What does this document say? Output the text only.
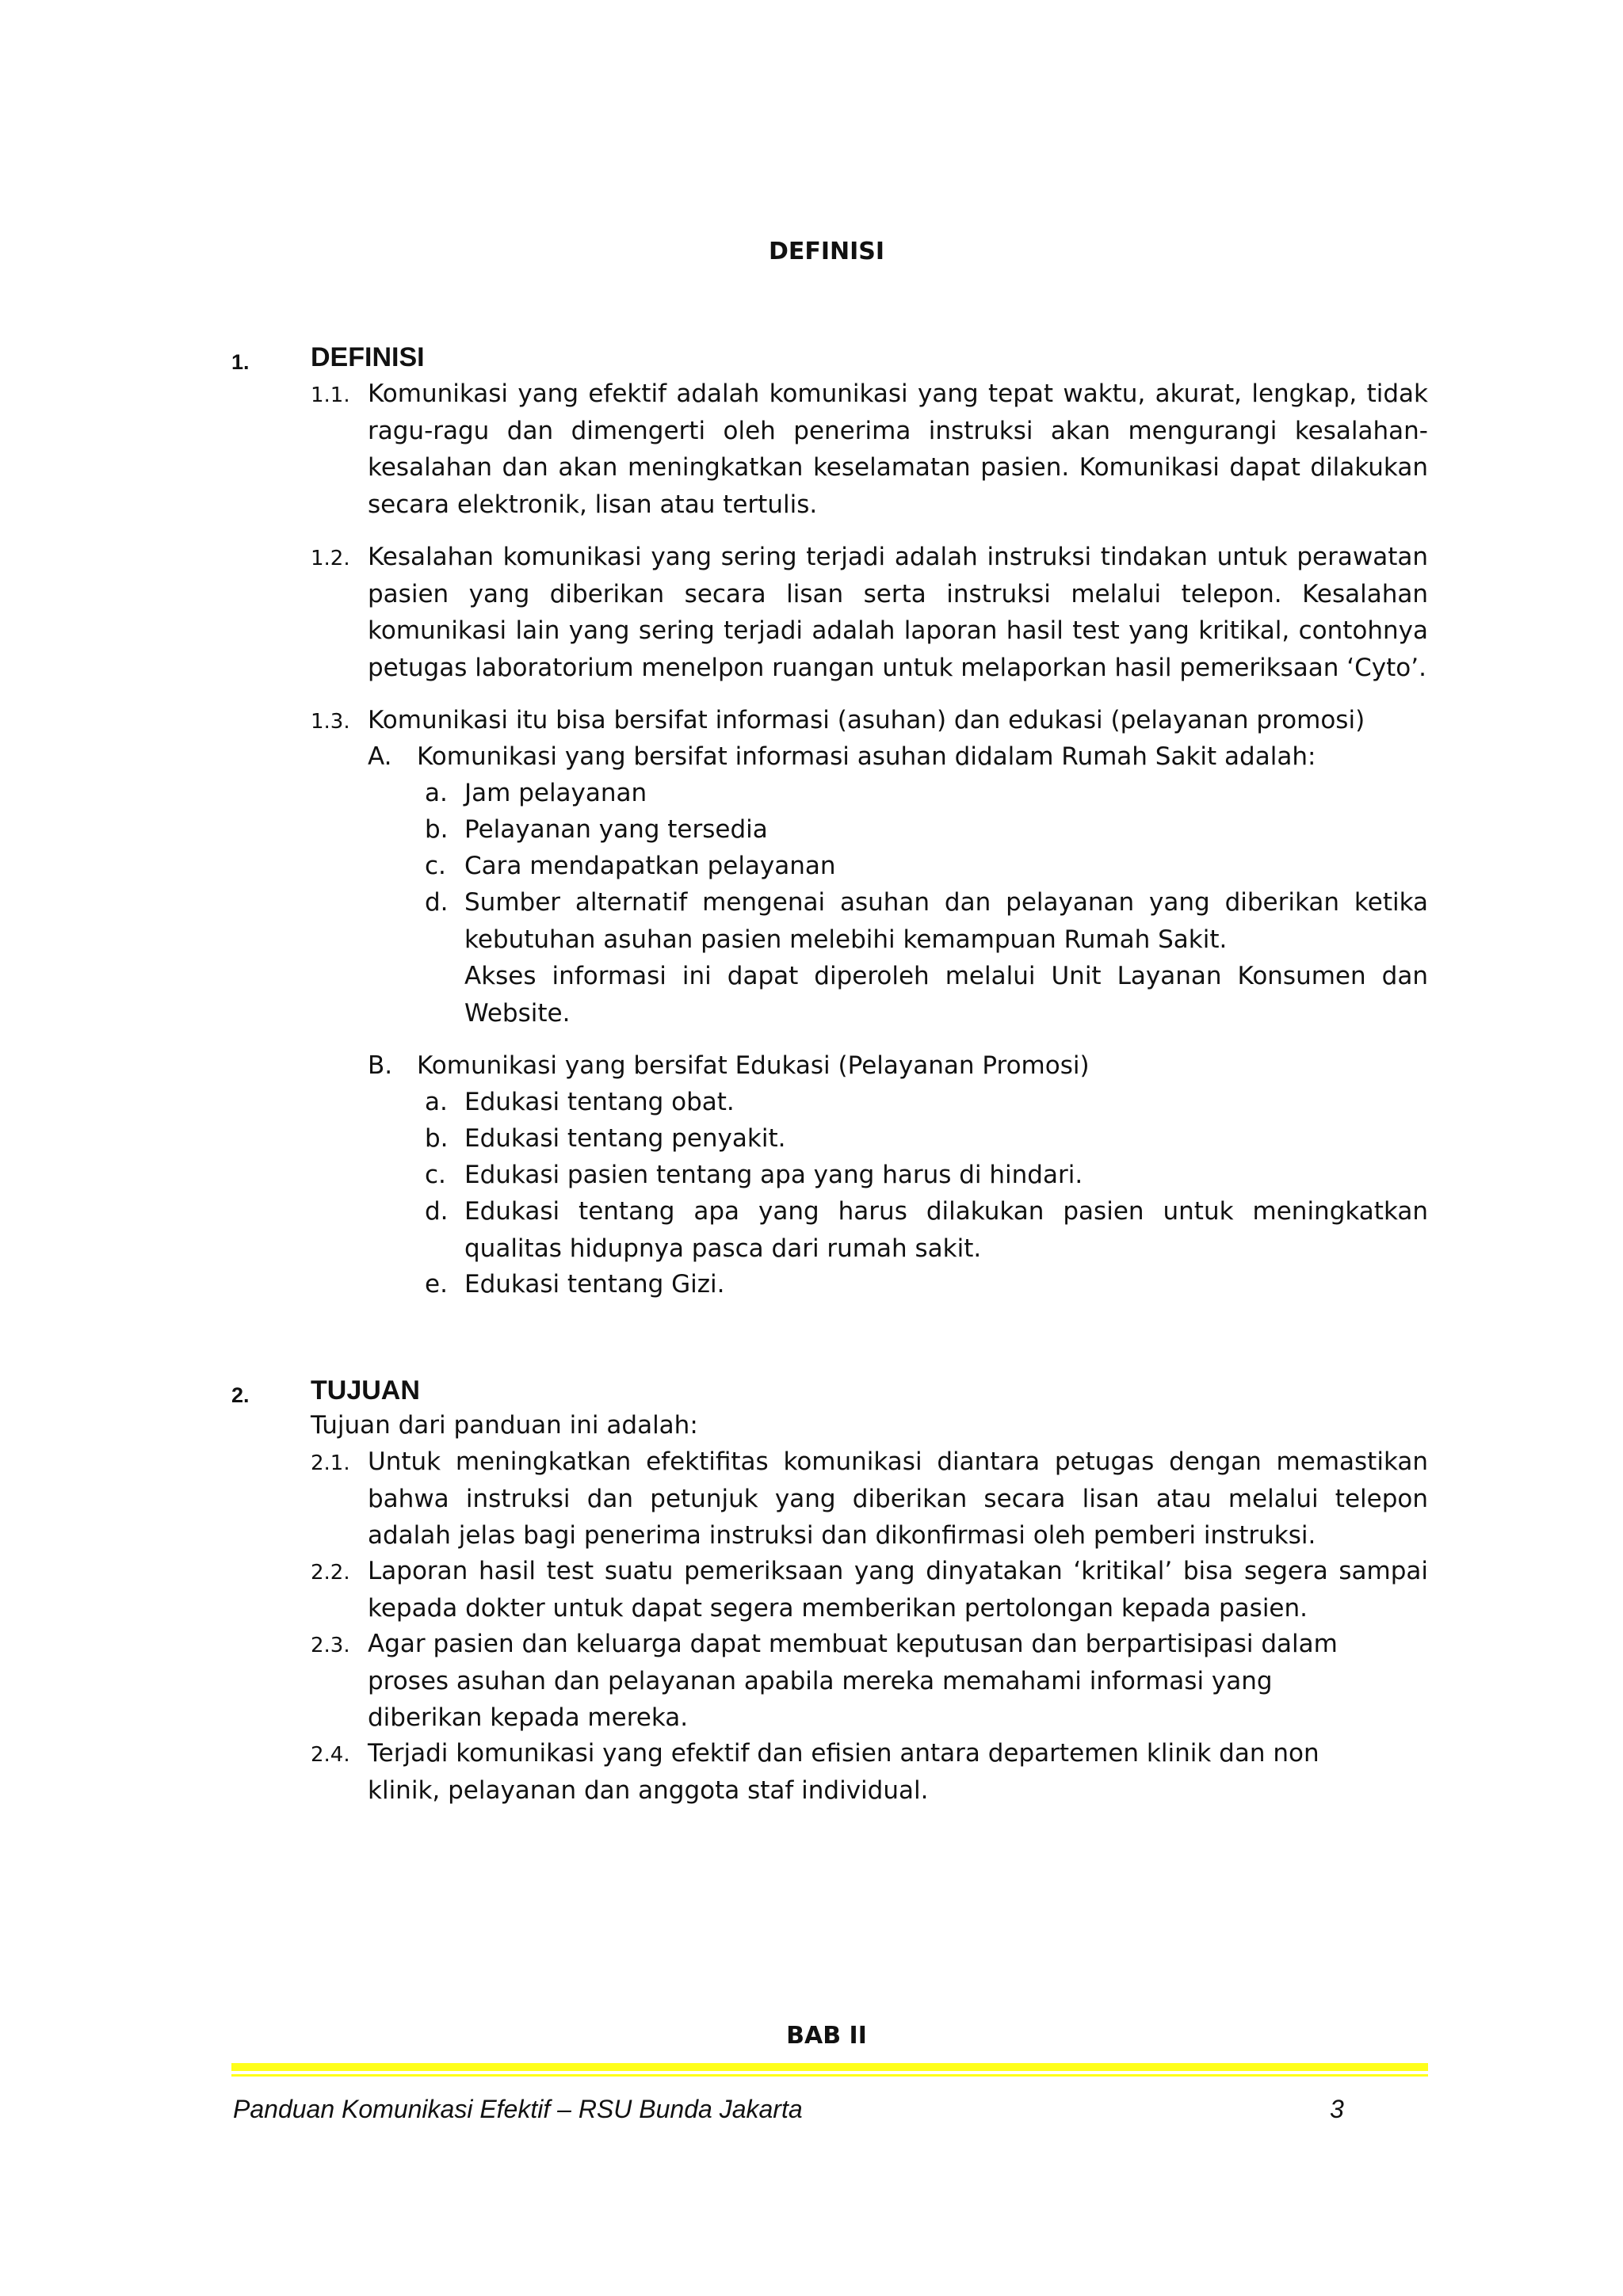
DEFINISI
1. DEFINISI
1.1. Komunikasi yang efektif adalah komunikasi yang tepat waktu, akurat, lengkap, tidak ragu-ragu dan dimengerti oleh penerima instruksi akan mengurangi kesalahan-kesalahan dan akan meningkatkan keselamatan pasien. Komunikasi dapat dilakukan secara elektronik, lisan atau tertulis.
1.2. Kesalahan komunikasi yang sering terjadi adalah instruksi tindakan untuk perawatan pasien yang diberikan secara lisan serta instruksi melalui telepon. Kesalahan komunikasi lain yang sering terjadi adalah laporan hasil test yang kritikal, contohnya petugas laboratorium menelpon ruangan untuk melaporkan hasil pemeriksaan ‘Cyto’.
1.3. Komunikasi itu bisa bersifat informasi (asuhan) dan edukasi (pelayanan promosi)
A. Komunikasi yang bersifat informasi asuhan didalam Rumah Sakit adalah:
a. Jam pelayanan
b. Pelayanan yang tersedia
c. Cara mendapatkan pelayanan
d. Sumber alternatif mengenai asuhan dan pelayanan yang diberikan ketika kebutuhan asuhan pasien melebihi kemampuan Rumah Sakit.
Akses informasi ini dapat diperoleh melalui Unit Layanan Konsumen dan Website.
B. Komunikasi yang bersifat Edukasi (Pelayanan Promosi)
a. Edukasi tentang obat.
b. Edukasi tentang penyakit.
c. Edukasi pasien tentang apa yang harus di hindari.
d. Edukasi tentang apa yang harus dilakukan pasien untuk meningkatkan qualitas hidupnya pasca dari rumah sakit.
e. Edukasi tentang Gizi.
2. TUJUAN
Tujuan dari panduan ini adalah:
2.1. Untuk meningkatkan efektifitas komunikasi diantara petugas dengan memastikan bahwa instruksi dan petunjuk yang diberikan secara lisan atau melalui telepon adalah jelas bagi penerima instruksi dan dikonfirmasi oleh pemberi instruksi.
2.2. Laporan hasil test suatu pemeriksaan yang dinyatakan ‘kritikal’ bisa segera sampai kepada dokter untuk dapat segera memberikan pertolongan kepada pasien.
2.3. Agar pasien dan keluarga dapat membuat keputusan dan berpartisipasi dalam proses asuhan dan pelayanan apabila mereka memahami informasi yang diberikan kepada mereka.
2.4. Terjadi komunikasi yang efektif dan efisien antara departemen klinik dan non klinik, pelayanan dan anggota staf individual.
BAB II
Panduan Komunikasi Efektif – RSU Bunda Jakarta	3
